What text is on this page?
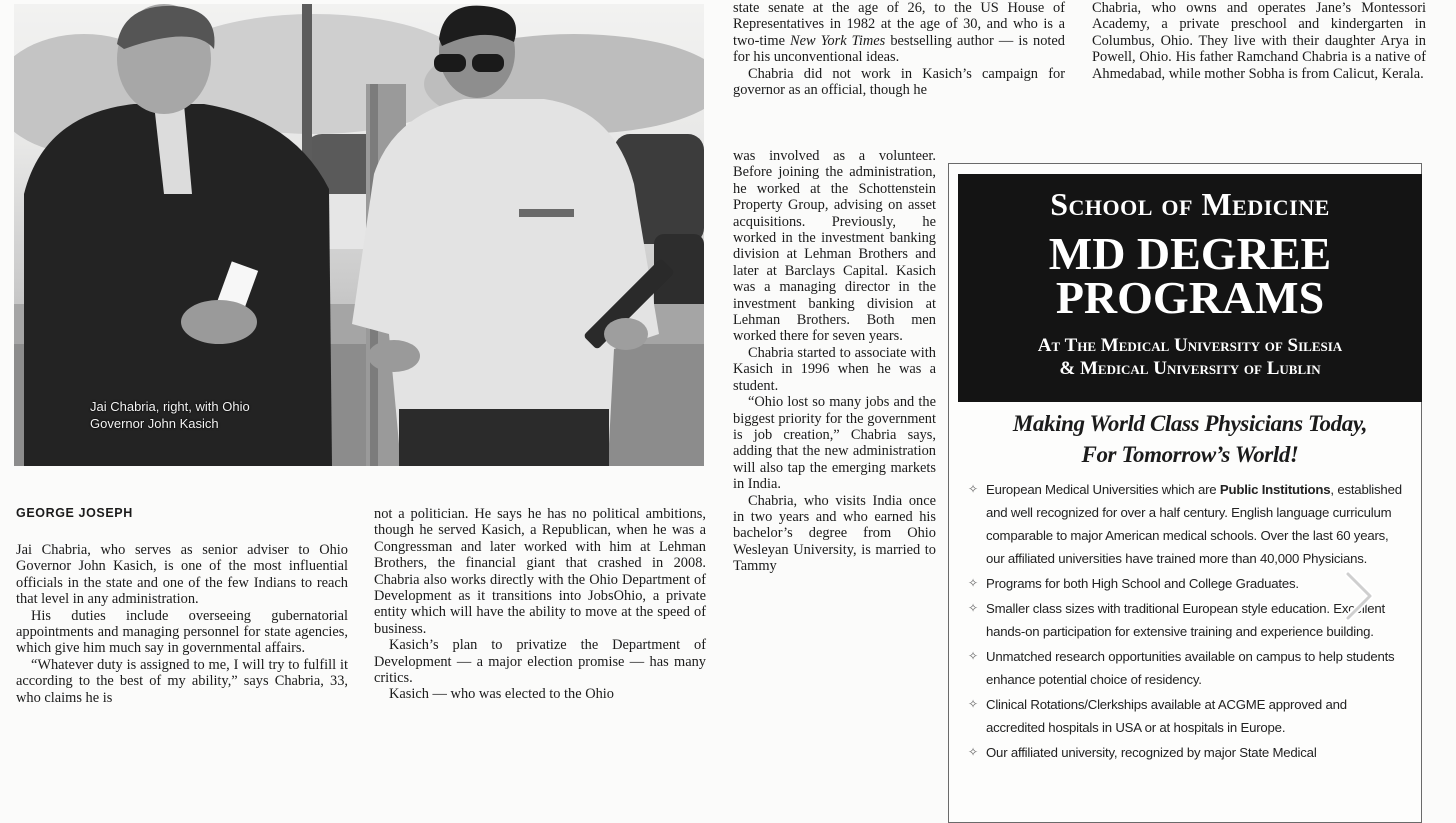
Jai Chabria, right, with Ohio
Governor John Kasich
GEORGE JOSEPH

Jai Chabria, who serves as senior adviser to Ohio Governor John Kasich, is one of the most influential officials in the state and one of the few Indians to reach that level in any administration.

His duties include overseeing gubernatorial appointments and managing personnel for state agencies, which give him much say in governmental affairs.

“Whatever duty is assigned to me, I will try to fulfill it according to the best of my ability,” says Chabria, 33, who claims he is

not a politician. He says he has no political ambitions, though he served Kasich, a Republican, when he was a Congressman and later worked with him at Lehman Brothers, the financial giant that crashed in 2008. Chabria also works directly with the Ohio Department of Development as it transitions into JobsOhio, a private entity which will have the ability to move at the speed of business.

Kasich’s plan to privatize the Department of Development — a major election promise — has many critics.

Kasich — who was elected to the Ohio

state senate at the age of 26, to the US House of Representatives in 1982 at the age of 30, and who is a two-time New York Times bestselling author — is noted for his unconventional ideas.

Chabria did not work in Kasich’s campaign for governor as an official, though he

was involved as a volunteer. Before joining the administration, he worked at the Schottenstein Property Group, advising on asset acquisitions. Previously, he worked in the investment banking division at Lehman Brothers and later at Barclays Capital. Kasich was a managing director in the investment banking division at Lehman Brothers. Both men worked there for seven years.

Chabria started to associate with Kasich in 1996 when he was a student.

“Ohio lost so many jobs and the biggest priority for the government is job creation,” Chabria says, adding that the new administration will also tap the emerging markets in India.

Chabria, who visits India once in two years and who earned his bachelor’s degree from Ohio Wesleyan University, is married to Tammy

Chabria, who owns and operates Jane’s Montessori Academy, a private preschool and kindergarten in Columbus, Ohio. They live with their daughter Arya in Powell, Ohio. His father Ramchand Chabria is a native of Ahmedabad, while mother Sobha is from Calicut, Kerala.

School of Medicine
MD DEGREE
PROGRAMS
At The Medical University of Silesia
& Medical University of Lublin
Making World Class Physicians Today,
For Tomorrow’s World!
✧ European Medical Universities which are Public Institutions, established and well recognized for over a half century. English language curriculum comparable to major American medical schools. Over the last 60 years, our affiliated universities have trained more than 40,000 Physicians.
✧ Programs for both High School and College Graduates.
✧ Smaller class sizes with traditional European style education. Excellent hands-on participation for extensive training and experience building.
✧ Unmatched research opportunities available on campus to help students enhance potential choice of residency.
✧ Clinical Rotations/Clerkships available at ACGME approved and accredited hospitals in USA or at hospitals in Europe.
✧ Our affiliated university, recognized by major State Medical
